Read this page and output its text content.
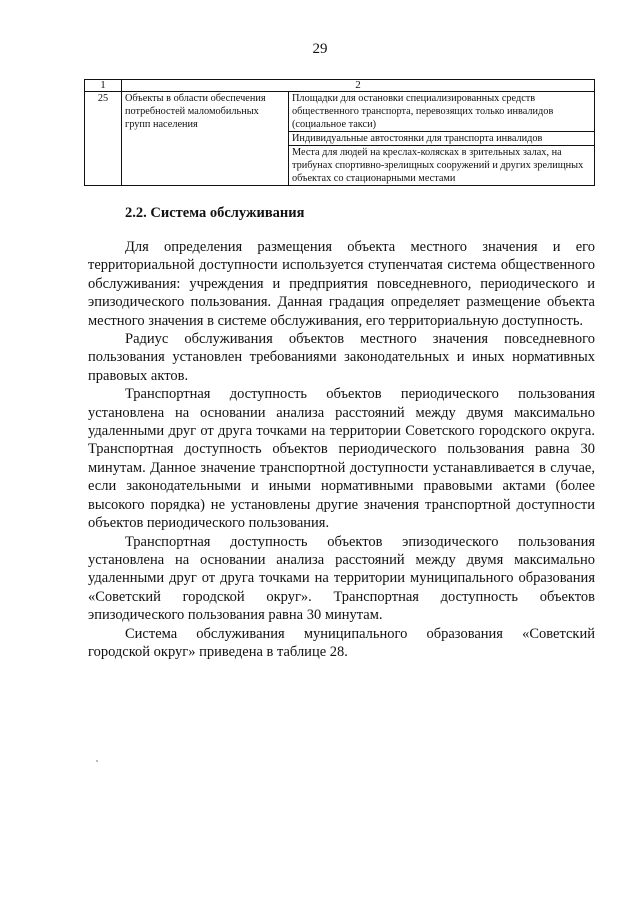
29
1	2	
25	Объекты в области обеспечения потребностей маломобильных групп населения	Площадки для остановки специализированных средств общественного транспорта, перевозящих только инвалидов (социальное такси)
		Индивидуальные автостоянки для транспорта инвалидов
		Места для людей на креслах-колясках в зрительных залах, на трибунах спортивно-зрелищных сооружений и других зрелищных объектах со стационарными местами
2.2. Система обслуживания

Для определения размещения объекта местного значения и его территориальной доступности используется ступенчатая система общественного обслуживания: учреждения и предприятия повседневного, периодического и эпизодического пользования. Данная градация определяет размещение объекта местного значения в системе обслуживания, его территориальную доступность.

Радиус обслуживания объектов местного значения повседневного пользования установлен требованиями законодательных и иных нормативных правовых актов.

Транспортная доступность объектов периодического пользования установлена на основании анализа расстояний между двумя максимально удаленными друг от друга точками на территории Советского городского округа. Транспортная доступность объектов периодического пользования равна 30 минутам. Данное значение транспортной доступности устанавливается в случае, если законодательными и иными нормативными правовыми актами (более высокого порядка) не установлены другие значения транспортной доступности объектов периодического пользования.

Транспортная доступность объектов эпизодического пользования установлена на основании анализа расстояний между двумя максимально удаленными друг от друга точками на территории муниципального образования «Советский городской округ». Транспортная доступность объектов эпизодического пользования равна 30 минутам.

Система обслуживания муниципального образования «Советский городской округ» приведена в таблице 28.
